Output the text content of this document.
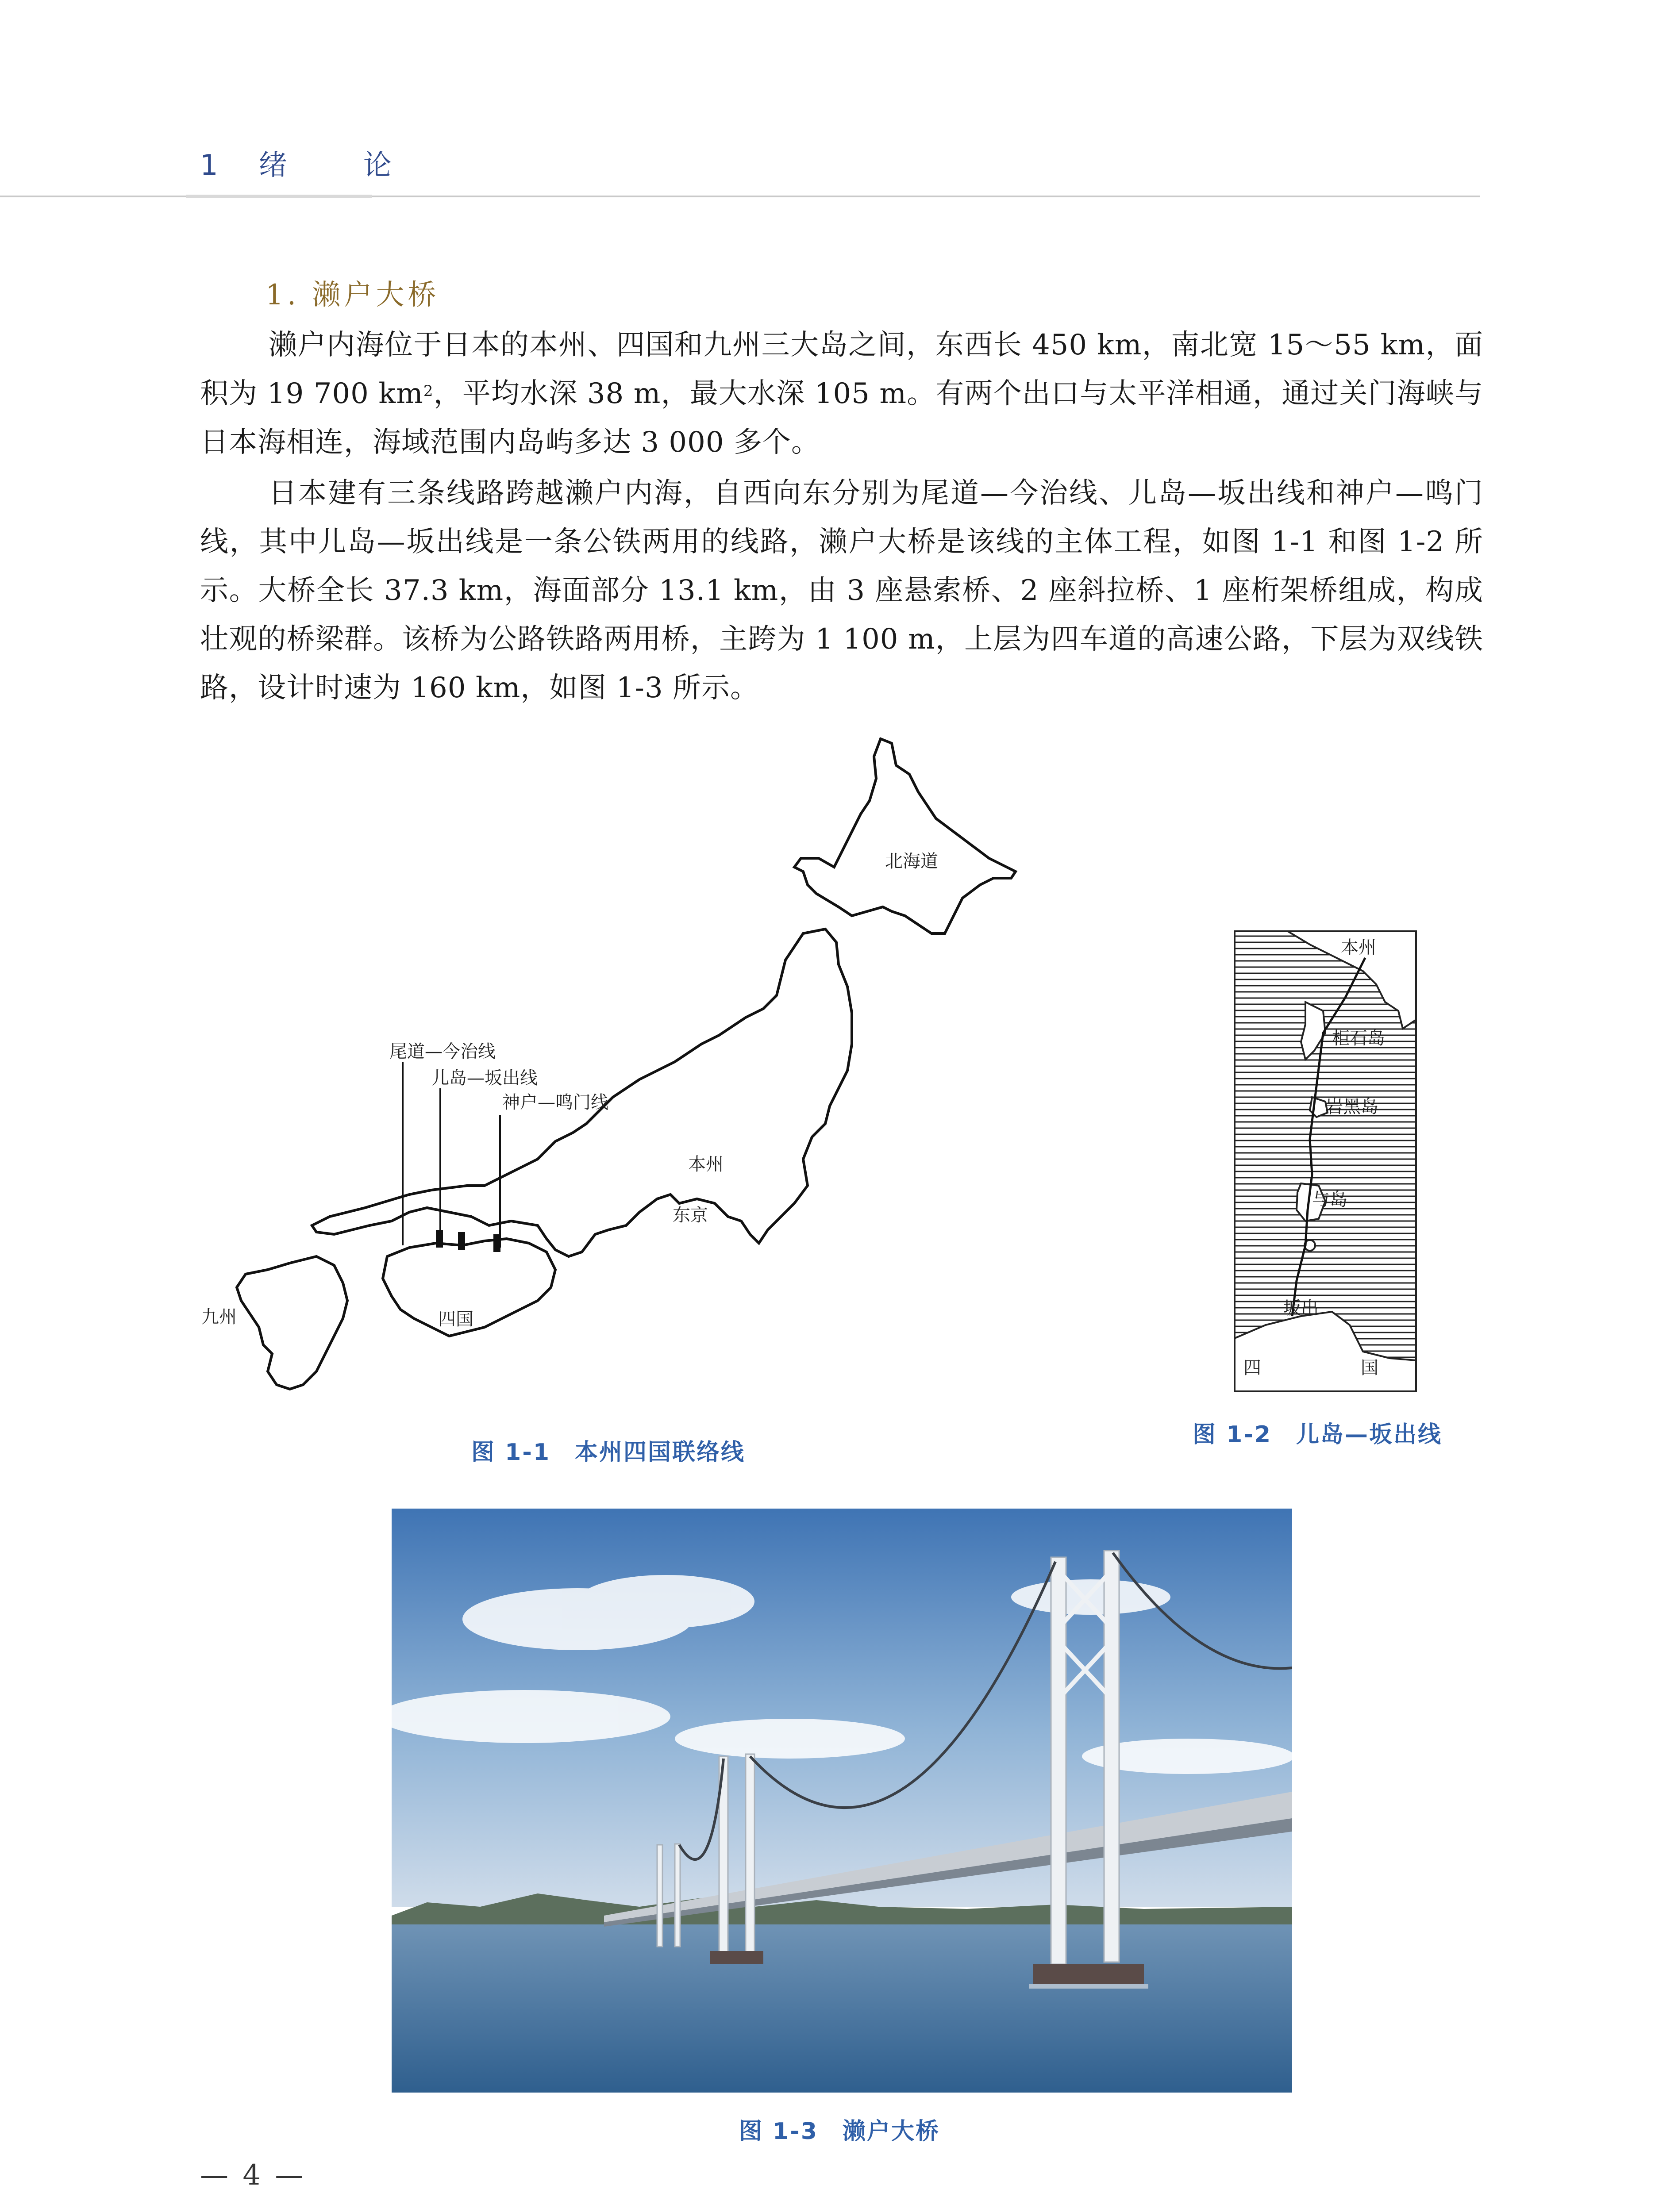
1 绪	论
1. 濑户大桥
濑户内海位于日本的本州、四国和九州三大岛之间，东西长 450 km，南北宽 15～55 km，面积为 19 700 $km^2$，平均水深 38 m，最大水深 105 m。有两个出口与太平洋相通，通过关门海峡与日本海相连，海域范围内岛屿多达 3 000 多个。
日本建有三条线路跨越濑户内海，自西向东分别为尾道—今治线、儿岛—坂出线和神户—鸣门线，其中儿岛—坂出线是一条公铁两用的线路，濑户大桥是该线的主体工程，如图 1-1 和图 1-2 所示。大桥全长 37.3 km，海面部分 13.1 km，由 3 座悬索桥、2 座斜拉桥、1 座桁架桥组成，构成壮观的桥梁群。该桥为公路铁路两用桥，主跨为 1 100 m，上层为四车道的高速公路，下层为双线铁路，设计时速为 160 km，如图 1-3 所示。
北海道
本州
东京
九州	四国
尾道—今治线
儿岛—坂出线
神户—鸣门线
图 1-1　本州四国联络线
本州
柜石岛
岩黑岛
与岛
坂出
四	国
图 1-2　儿岛—坂出线
图 1-3　濑户大桥
— 4 —
